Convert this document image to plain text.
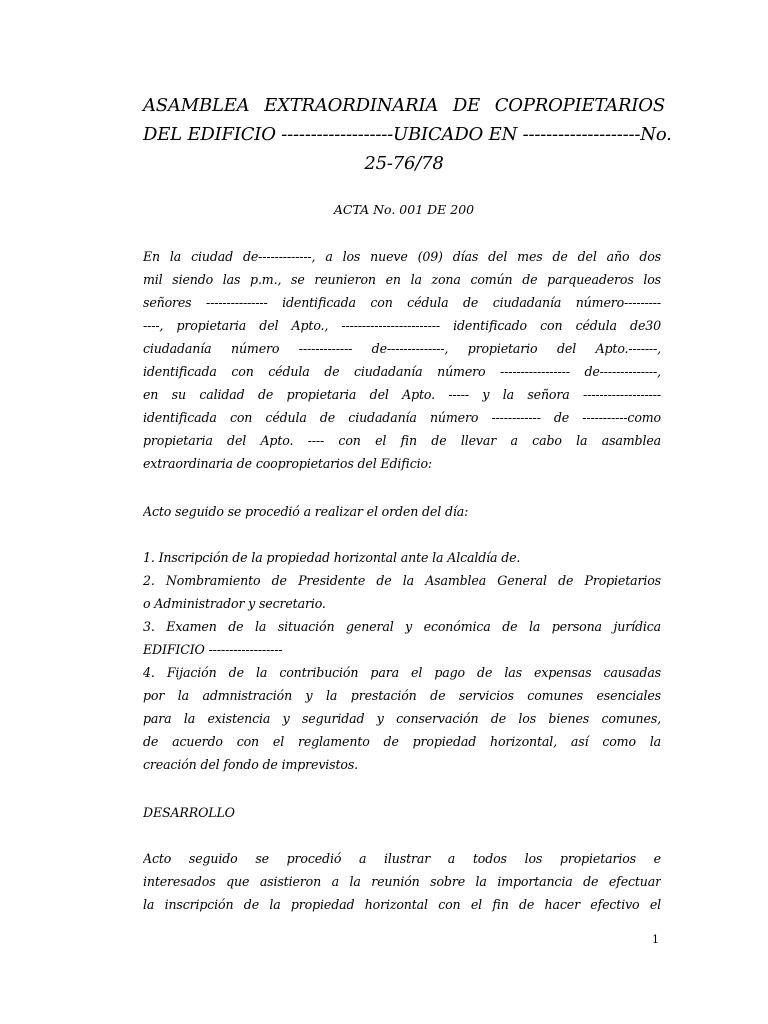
ASAMBLEA EXTRAORDINARIA DE COPROPIETARIOS
DEL EDIFICIO -------------------UBICADO EN --------------------No.
25-76/78
ACTA No. 001 DE 200
En la ciudad de-------------, a los nueve (09) días del mes de del año dos
mil siendo las p.m., se reunieron en la zona común de parqueaderos los
señores --------------- identificada con cédula de ciudadanía número---------
----, propietaria del Apto., ------------------------ identificado con cédula de30
ciudadanía número ------------- de--------------, propietario del Apto.-------,
identificada con cédula de ciudadanía número ----------------- de--------------,
en su calidad de propietaria del Apto. ----- y la señora -------------------
identificada con cédula de ciudadanía número ------------ de -----------como
propietaria del Apto. ---- con el fin de llevar a cabo la asamblea
extraordinaria de coopropietarios del Edificio:
Acto seguido se procedió a realizar el orden del día:
1. Inscripción de la propiedad horizontal ante la Alcaldía de.
2. Nombramiento de Presidente de la Asamblea General de Propietarios
o Administrador y secretario.
3. Examen de la situación general y económica de la persona jurídica
EDIFICIO ------------------
4. Fijación de la contribución para el pago de las expensas causadas
por la admnistración y la prestación de servicios comunes esenciales
para la existencia y seguridad y conservación de los bienes comunes,
de acuerdo con el reglamento de propiedad horizontal, así como la
creación del fondo de imprevistos.
DESARROLLO
Acto seguido se procedió a ilustrar a todos los propietarios e
interesados que asistieron a la reunión sobre la importancia de efectuar
la inscripción de la propiedad horizontal con el fin de hacer efectivo el
1
